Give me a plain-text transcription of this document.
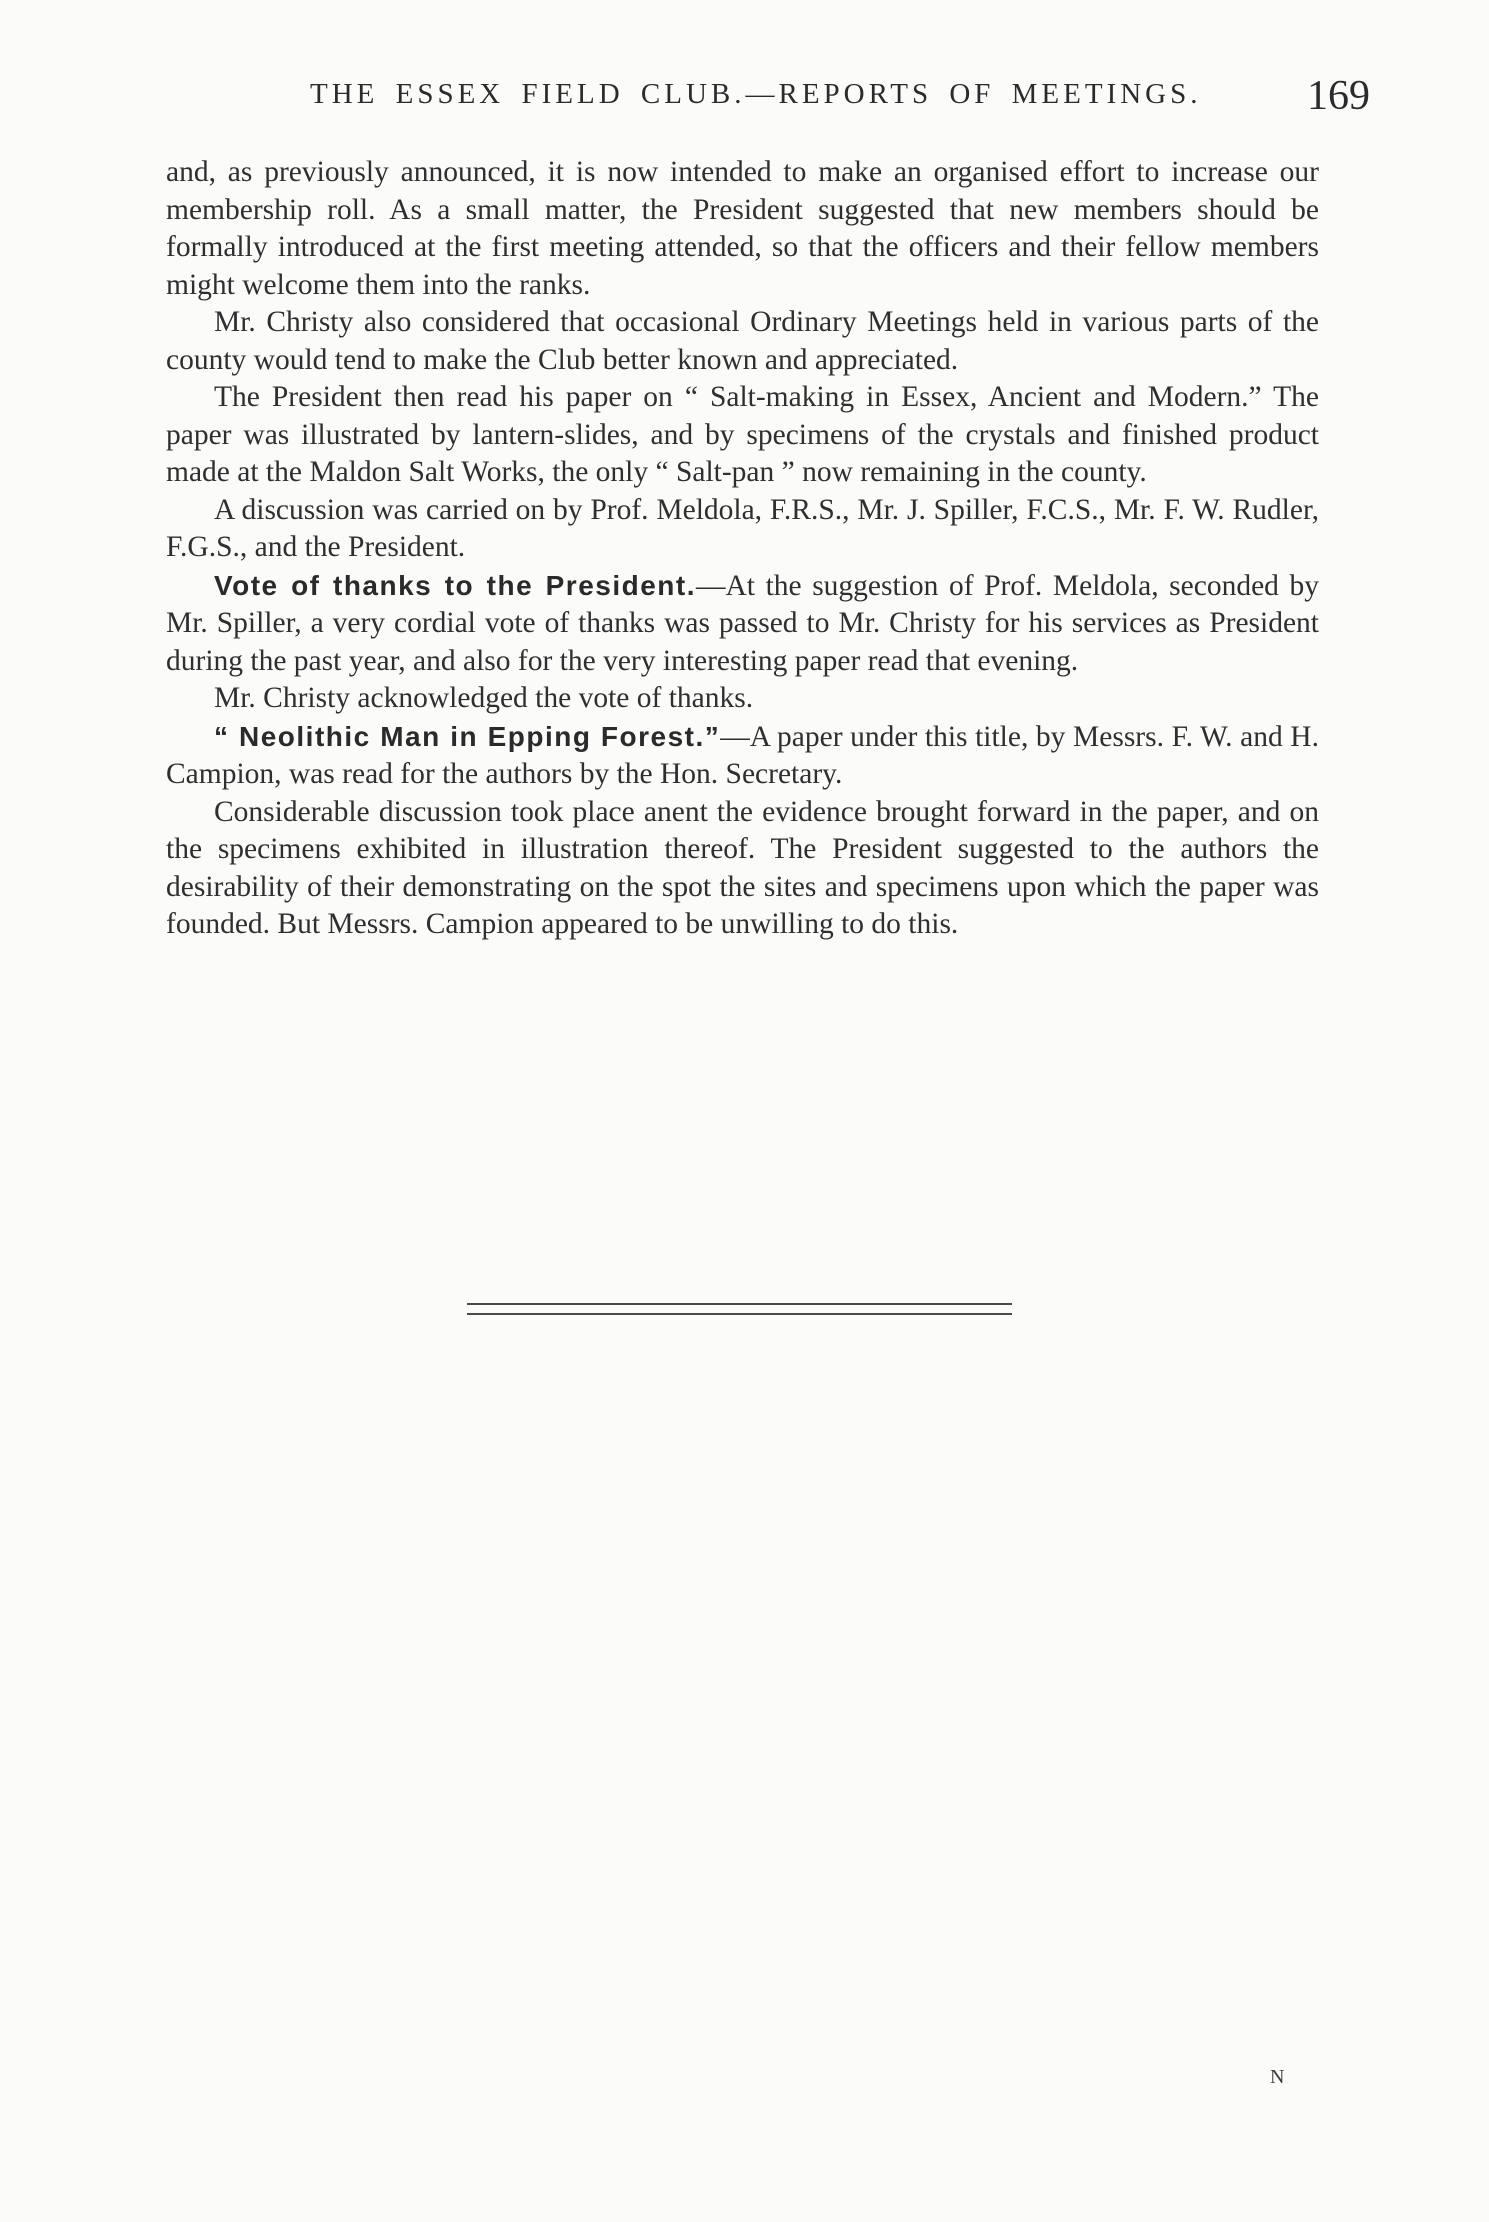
THE ESSEX FIELD CLUB.—REPORTS OF MEETINGS.	169

and, as previously announced, it is now intended to make an organised effort to increase our membership roll. As a small matter, the President suggested that new members should be formally introduced at the first meeting attended, so that the officers and their fellow members might welcome them into the ranks.

Mr. Christy also considered that occasional Ordinary Meetings held in various parts of the county would tend to make the Club better known and appreciated.

The President then read his paper on “ Salt-making in Essex, Ancient and Modern.” The paper was illustrated by lantern-slides, and by specimens of the crystals and finished product made at the Maldon Salt Works, the only “ Salt-pan ” now remaining in the county.

A discussion was carried on by Prof. Meldola, F.R.S., Mr. J. Spiller, F.C.S., Mr. F. W. Rudler, F.G.S., and the President.

Vote of thanks to the President.—At the suggestion of Prof. Meldola, seconded by Mr. Spiller, a very cordial vote of thanks was passed to Mr. Christy for his services as President during the past year, and also for the very interesting paper read that evening.

Mr. Christy acknowledged the vote of thanks.

“ Neolithic Man in Epping Forest.”—A paper under this title, by Messrs. F. W. and H. Campion, was read for the authors by the Hon. Secretary.

Considerable discussion took place anent the evidence brought forward in the paper, and on the specimens exhibited in illustration thereof. The President suggested to the authors the desirability of their demonstrating on the spot the sites and specimens upon which the paper was founded. But Messrs. Campion appeared to be unwilling to do this.

N
